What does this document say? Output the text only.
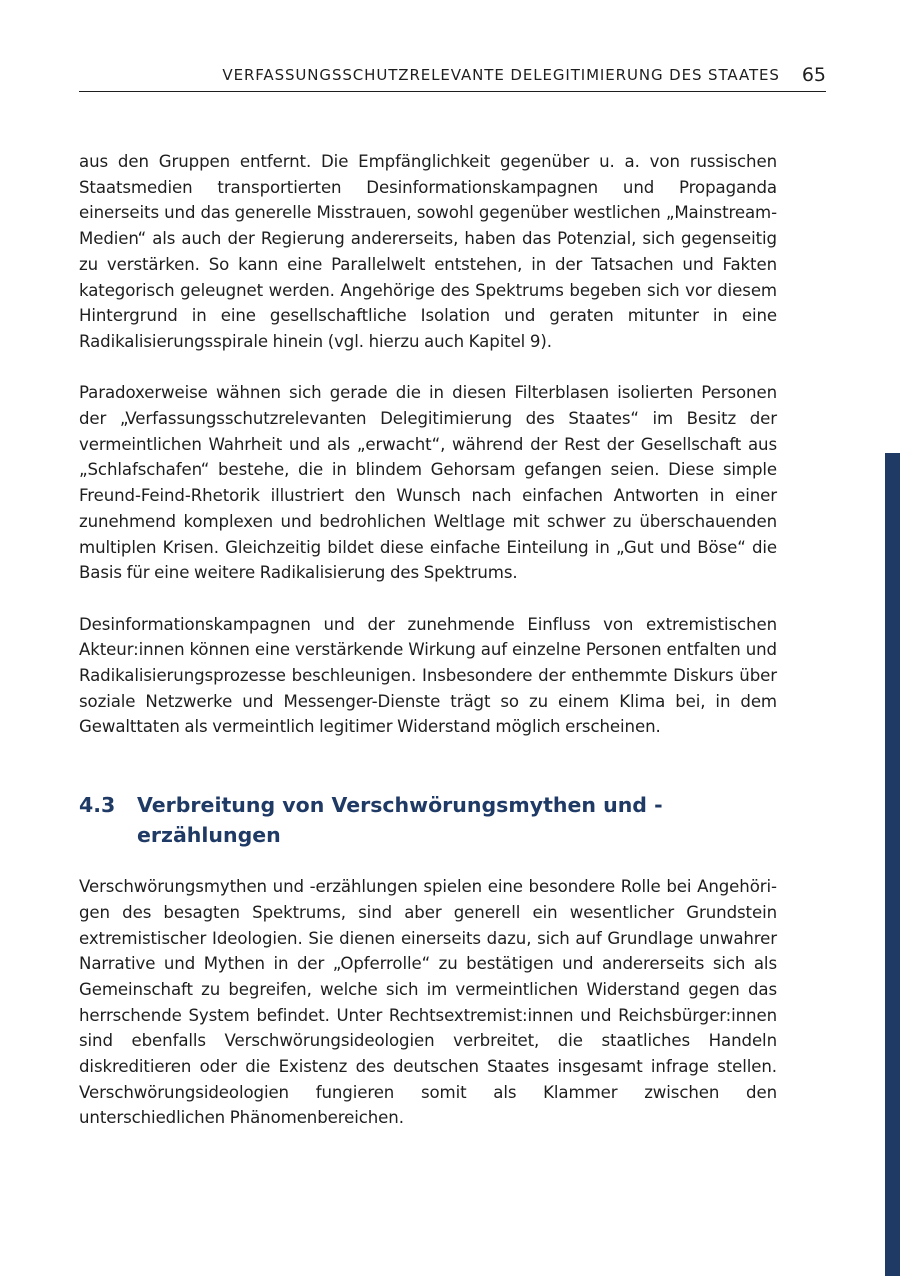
VERFASSUNGSSCHUTZRELEVANTE DELEGITIMIERUNG DES STAATES 65

aus den Gruppen entfernt. Die Empfänglichkeit gegenüber u. a. von russischen Staatsmedien transportierten Desinformationskampagnen und Propaganda einerseits und das generelle Misstrauen, sowohl gegenüber westlichen „Mainstream-Medien“ als auch der Regierung andererseits, haben das Potenzial, sich gegenseitig zu verstärken. So kann eine Parallelwelt entstehen, in der Tatsachen und Fakten kategorisch geleugnet werden. Angehörige des Spektrums begeben sich vor diesem Hintergrund in eine gesellschaftliche Isolation und geraten mitunter in eine Radikalisierungsspirale hinein (vgl. hierzu auch Kapitel 9).

Paradoxerweise wähnen sich gerade die in diesen Filterblasen isolierten Personen der „Verfassungsschutzrelevanten Delegitimierung des Staates“ im Besitz der vermeintlichen Wahrheit und als „erwacht“, während der Rest der Gesellschaft aus „Schlafschafen“ bestehe, die in blindem Gehorsam gefangen seien. Diese simple Freund-Feind-Rhetorik illustriert den Wunsch nach einfachen Antworten in einer zunehmend komplexen und bedrohlichen Weltlage mit schwer zu überschauenden multiplen Krisen. Gleichzeitig bildet diese einfache Einteilung in „Gut und Böse“ die Basis für eine weitere Radikalisierung des Spektrums.

Desinformationskampagnen und der zunehmende Einfluss von extremistischen Akteur:innen können eine verstärkende Wirkung auf einzelne Personen entfalten und Radikalisierungsprozesse beschleunigen. Insbesondere der enthemmte Diskurs über soziale Netzwerke und Messenger-Dienste trägt so zu einem Klima bei, in dem Gewalttaten als vermeintlich legitimer Widerstand möglich erscheinen.

4.3	Verbreitung von Verschwörungsmythen und -erzählungen

Verschwörungsmythen und -erzählungen spielen eine besondere Rolle bei Angehörigen des besagten Spektrums, sind aber generell ein wesentlicher Grundstein extremistischer Ideologien. Sie dienen einerseits dazu, sich auf Grundlage unwahrer Narrative und Mythen in der „Opferrolle“ zu bestätigen und andererseits sich als Gemeinschaft zu begreifen, welche sich im vermeintlichen Widerstand gegen das herrschende System befindet. Unter Rechtsextremist:innen und Reichsbürger:innen sind ebenfalls Verschwörungsideologien verbreitet, die staatliches Handeln diskreditieren oder die Existenz des deutschen Staates insgesamt infrage stellen. Verschwörungsideologien fungieren somit als Klammer zwischen den unterschiedlichen Phänomenbereichen.
